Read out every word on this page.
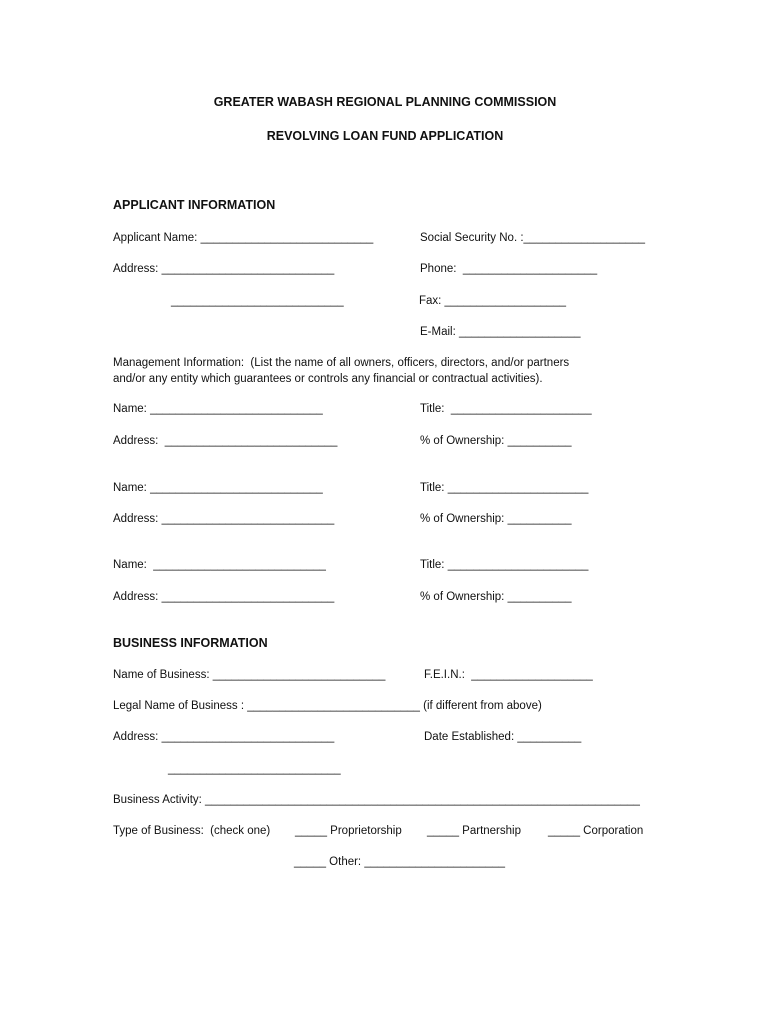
GREATER WABASH REGIONAL PLANNING COMMISSION
REVOLVING LOAN FUND APPLICATION
APPLICANT INFORMATION
Applicant Name: ___________________________	Social Security No. :___________________
Address: ___________________________	Phone:  _____________________
___________________________	Fax: ___________________
E-Mail: ___________________
Management Information:  (List the name of all owners, officers, directors, and/or partners
and/or any entity which guarantees or controls any financial or contractual activities).
Name: ___________________________	Title:  ______________________
Address:  ___________________________	% of Ownership: __________
Name: ___________________________	Title: ______________________
Address: ___________________________	% of Ownership: __________
Name:  ___________________________	Title: ______________________
Address: ___________________________	% of Ownership: __________
BUSINESS INFORMATION
Name of Business: ___________________________	F.E.I.N.:  ___________________
Legal Name of Business : ___________________________ (if different from above)
Address: ___________________________	Date Established: __________
___________________________
Business Activity: ____________________________________________________________________
Type of Business:  (check one) _____ Proprietorship _____ Partnership _____ Corporation
_____ Other: ______________________
